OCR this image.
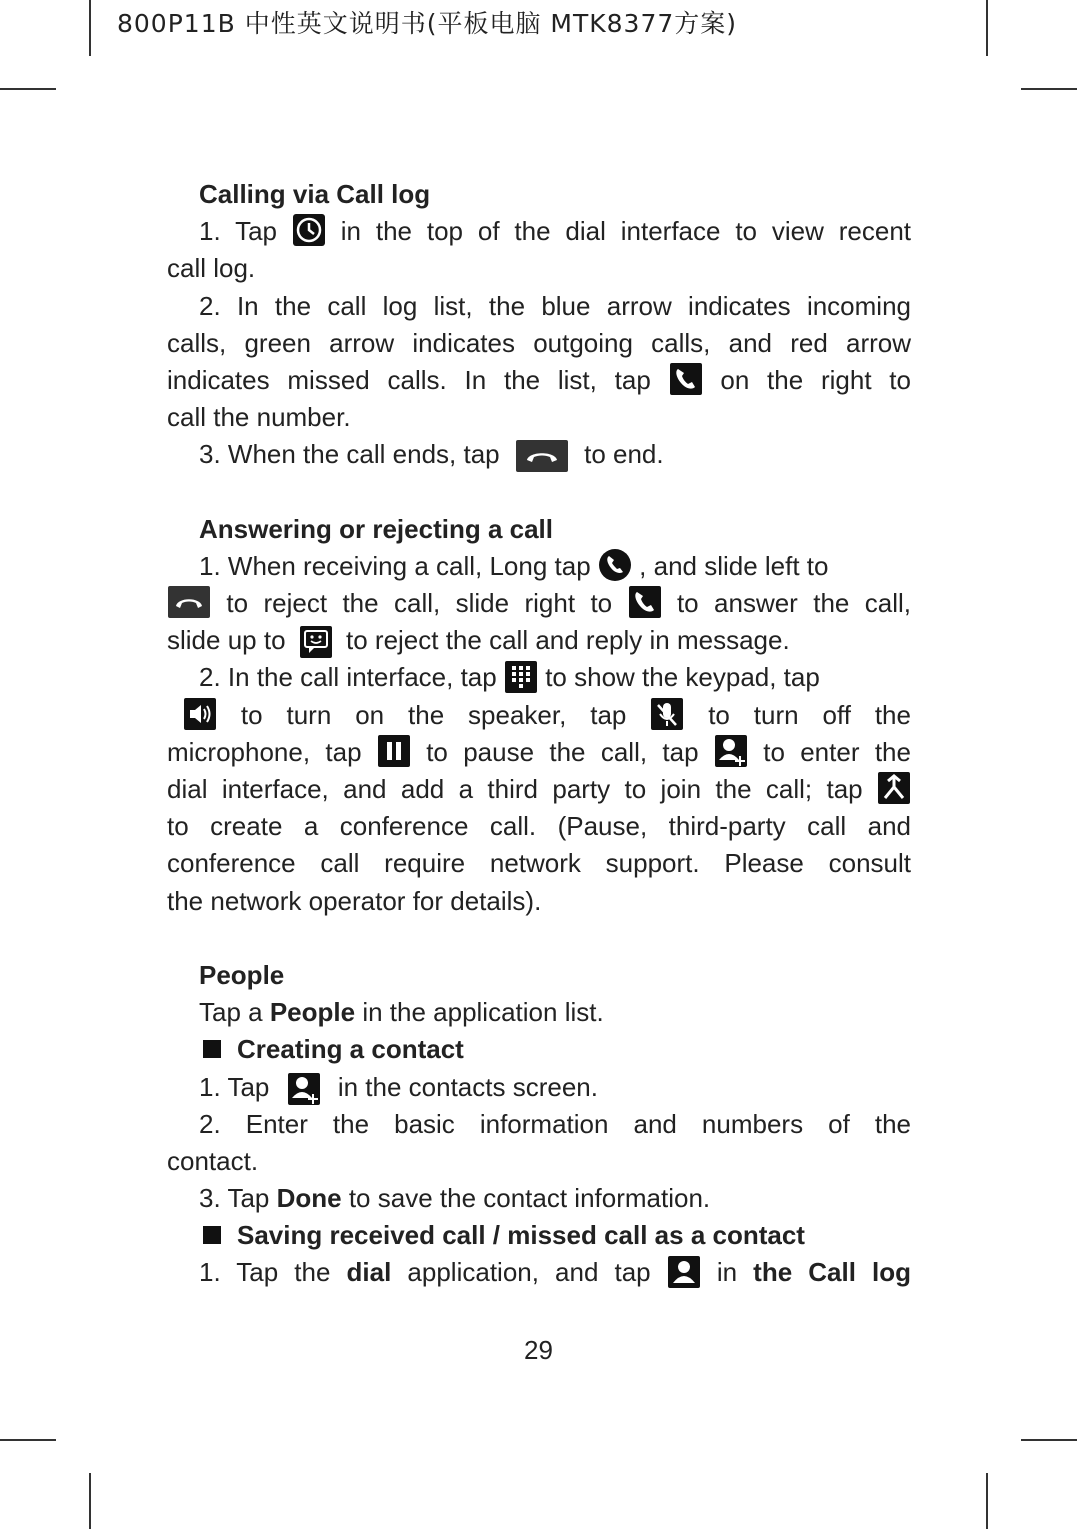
800P11B 中性英文说明书(平板电脑 MTK8377方案)
Calling via Call log
1. Tap in the top of the dial interface to view recent
call log.
2. In the call log list, the blue arrow indicates incoming
calls, green arrow indicates outgoing calls, and red arrow
indicates missed calls. In the list, tap	on the right to
call the number.
3. When the call ends, tap	to end.
Answering or rejecting a call
1. When receiving a call, Long tap , and slide left to
to reject the call, slide right to to answer the call,
slide up to to reject the call and reply in message.
2. In the call interface, tap to show the keypad, tap
to turn on the speaker, tap	to turn off the
microphone, tap to pause the call, tap to enter the
dial interface, and add a third party to join the call; tap
to create a conference call. (Pause, third-party call and
conference call require network support. Please consult
the network operator for details).
People
Tap a People in the application list.
Creating a contact
1. Tap	in the contacts screen.
2. Enter the basic information and numbers of the
contact.
3. Tap Done to save the contact information.
Saving received call / missed call as a contact
1. Tap the dial application, and tap	in the Call log
29
